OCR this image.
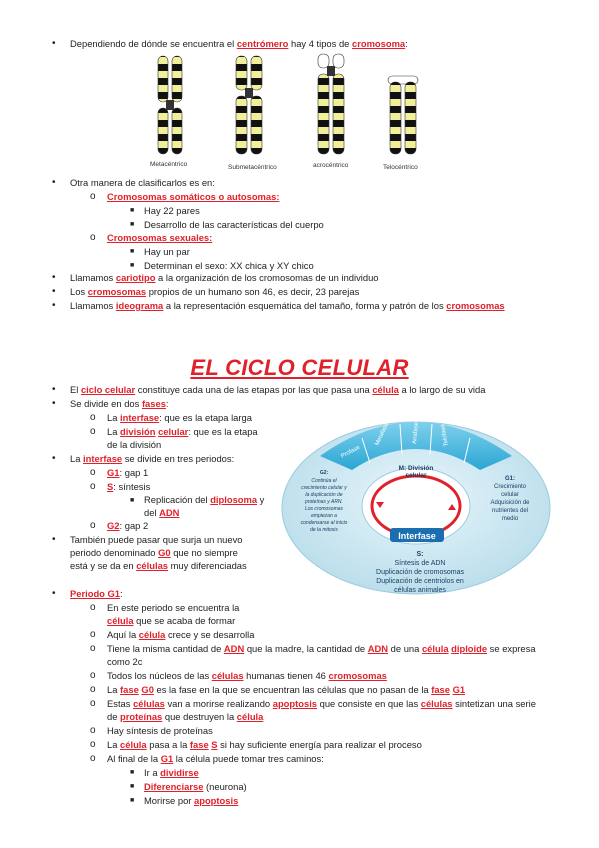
• Dependiendo de dónde se encuentra el centrómero hay 4 tipos de cromosoma:
Metacéntrico	Submetacéntrico	acrocéntrico	Telocéntrico
• Otra manera de clasificarlos es en:
o Cromosomas somáticos o autosomas:
■ Hay 22 pares
■ Desarrollo de las características del cuerpo
o Cromosomas sexuales:
■ Hay un par
■ Determinan el sexo: XX chica y XY chico
• Llamamos cariotipo a la organización de los cromosomas de un individuo
• Los cromosomas propios de un humano son 46, es decir, 23 parejas
• Llamamos ideograma a la representación esquemática del tamaño, forma y patrón de los cromosomas
EL CICLO CELULAR
• El ciclo celular constituye cada una de las etapas por las que pasa una célula a lo largo de su vida
• Se divide en dos fases:
o La interfase: que es la etapa larga
o La división celular: que es la etapa
de la división
• La interfase se divide en tres periodos:
o G1: gap 1
o S: síntesis
■ Replicación del diplosoma y
del ADN
o G2: gap 2
• También puede pasar que surja un nuevo
periodo denominado G0 que no siempre
está y se da en células muy diferenciadas
Profase
Metafase	Anafase	Telofase
M: División
celular
Interfase
G2:
Continúa el
crecimiento celular y
la duplicación de
proteínas y ARN.
Los cromosomas
empiezan a
condensarse al inicio
de la mitosis
G1:
Crecimiento
celular
Adquisición de
nutrientes del
medio
S:
Síntesis de ADN
Duplicación de cromosomas
Duplicación de centriolos en
células animales
• Periodo G1:
o En este periodo se encuentra la
célula que se acaba de formar
o Aquí la célula crece y se desarrolla
o Tiene la misma cantidad de ADN que la madre, la cantidad de ADN de una célula diploide se expresa
como 2c
o Todos los núcleos de las células humanas tienen 46 cromosomas
o La fase G0 es la fase en la que se encuentran las células que no pasan de la fase G1
o Estas células van a morirse realizando apoptosis que consiste en que las células sintetizan una serie
de proteínas que destruyen la célula
o Hay síntesis de proteínas
o La célula pasa a la fase S si hay suficiente energía para realizar el proceso
o Al final de la G1 la célula puede tomar tres caminos:
■ Ir a dividirse
■ Diferenciarse (neurona)
■ Morirse por apoptosis
